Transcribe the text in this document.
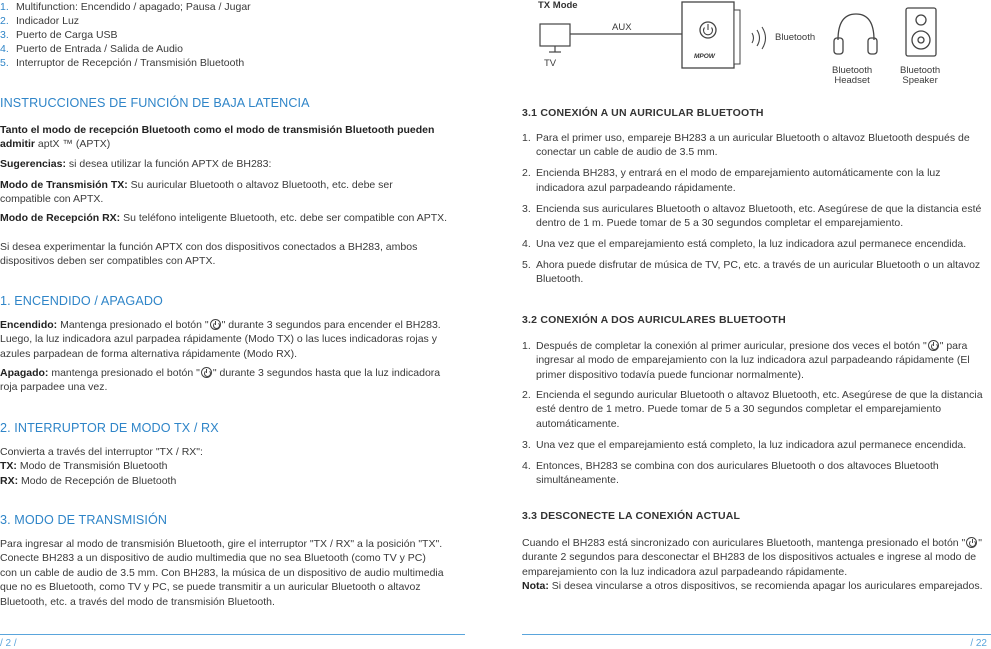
1. Multifunction: Encendido / apagado; Pausa / Jugar
2. Indicador Luz
3. Puerto de Carga USB
4. Puerto de Entrada / Salida de Audio
5. Interruptor de Recepción / Transmisión Bluetooth
INSTRUCCIONES DE FUNCIÓN DE BAJA LATENCIA
Tanto el modo de recepción Bluetooth como el modo de transmisión Bluetooth pueden admitir aptX ™ (APTX)
Sugerencias: si desea utilizar la función APTX de BH283:
Modo de Transmisión TX: Su auricular Bluetooth o altavoz Bluetooth, etc. debe ser compatible con APTX.
Modo de Recepción RX: Su teléfono inteligente Bluetooth, etc. debe ser compatible con APTX.
Si desea experimentar la función APTX con dos dispositivos conectados a BH283, ambos dispositivos deben ser compatibles con APTX.
1. ENCENDIDO / APAGADO
Encendido: Mantenga presionado el botón " " durante 3 segundos para encender el BH283. Luego, la luz indicadora azul parpadea rápidamente (Modo TX) o las luces indicadoras rojas y azules parpadean de forma alternativa rápidamente (Modo RX).
Apagado: mantenga presionado el botón " " durante 3 segundos hasta que la luz indicadora roja parpadee una vez.
2. INTERRUPTOR DE MODO TX / RX
Convierta a través del interruptor "TX / RX":
TX: Modo de Transmisión Bluetooth
RX: Modo de Recepción de Bluetooth
3. MODO DE TRANSMISIÓN
Para ingresar al modo de transmisión Bluetooth, gire el interruptor "TX / RX" a la posición "TX". Conecte BH283 a un dispositivo de audio multimedia que no sea Bluetooth (como TV y PC) con un cable de audio de 3.5 mm. Con BH283, la música de un dispositivo de audio multimedia que no es Bluetooth, como TV y PC, se puede transmitir a un auricular Bluetooth o altavoz Bluetooth, etc. a través del modo de transmisión Bluetooth.
/ 2 /
TX Mode
TV
AUX
MPOW
Bluetooth
Bluetooth
Headset
Bluetooth
Speaker
3.1 CONEXIÓN A UN AURICULAR BLUETOOTH
1. Para el primer uso, empareje BH283 a un auricular Bluetooth o altavoz Bluetooth después de conectar un cable de audio de 3.5 mm.
2. Encienda BH283, y entrará en el modo de emparejamiento automáticamente con la luz indicadora azul parpadeando rápidamente.
3. Encienda sus auriculares Bluetooth o altavoz Bluetooth, etc. Asegúrese de que la distancia esté dentro de 1 m. Puede tomar de 5 a 30 segundos completar el emparejamiento.
4. Una vez que el emparejamiento está completo, la luz indicadora azul permanece encendida.
5. Ahora puede disfrutar de música de TV, PC, etc. a través de un auricular Bluetooth o un altavoz Bluetooth.
3.2 CONEXIÓN A DOS AURICULARES BLUETOOTH
1. Después de completar la conexión al primer auricular, presione dos veces el botón " " para ingresar al modo de emparejamiento con la luz indicadora azul parpadeando rápidamente (El primer dispositivo todavía puede funcionar normalmente).
2. Encienda el segundo auricular Bluetooth o altavoz Bluetooth, etc. Asegúrese de que la distancia esté dentro de 1 metro. Puede tomar de 5 a 30 segundos completar el emparejamiento automáticamente.
3. Una vez que el emparejamiento está completo, la luz indicadora azul permanece encendida.
4. Entonces, BH283 se combina con dos auriculares Bluetooth o dos altavoces Bluetooth simultáneamente.
3.3 DESCONECTE LA CONEXIÓN ACTUAL
Cuando el BH283 está sincronizado con auriculares Bluetooth, mantenga presionado el botón " " durante 2 segundos para desconectar el BH283 de los dispositivos actuales e ingrese al modo de emparejamiento con la luz indicadora azul parpadeando rápidamente.
Nota: Si desea vincularse a otros dispositivos, se recomienda apagar los auriculares emparejados.
/ 22
